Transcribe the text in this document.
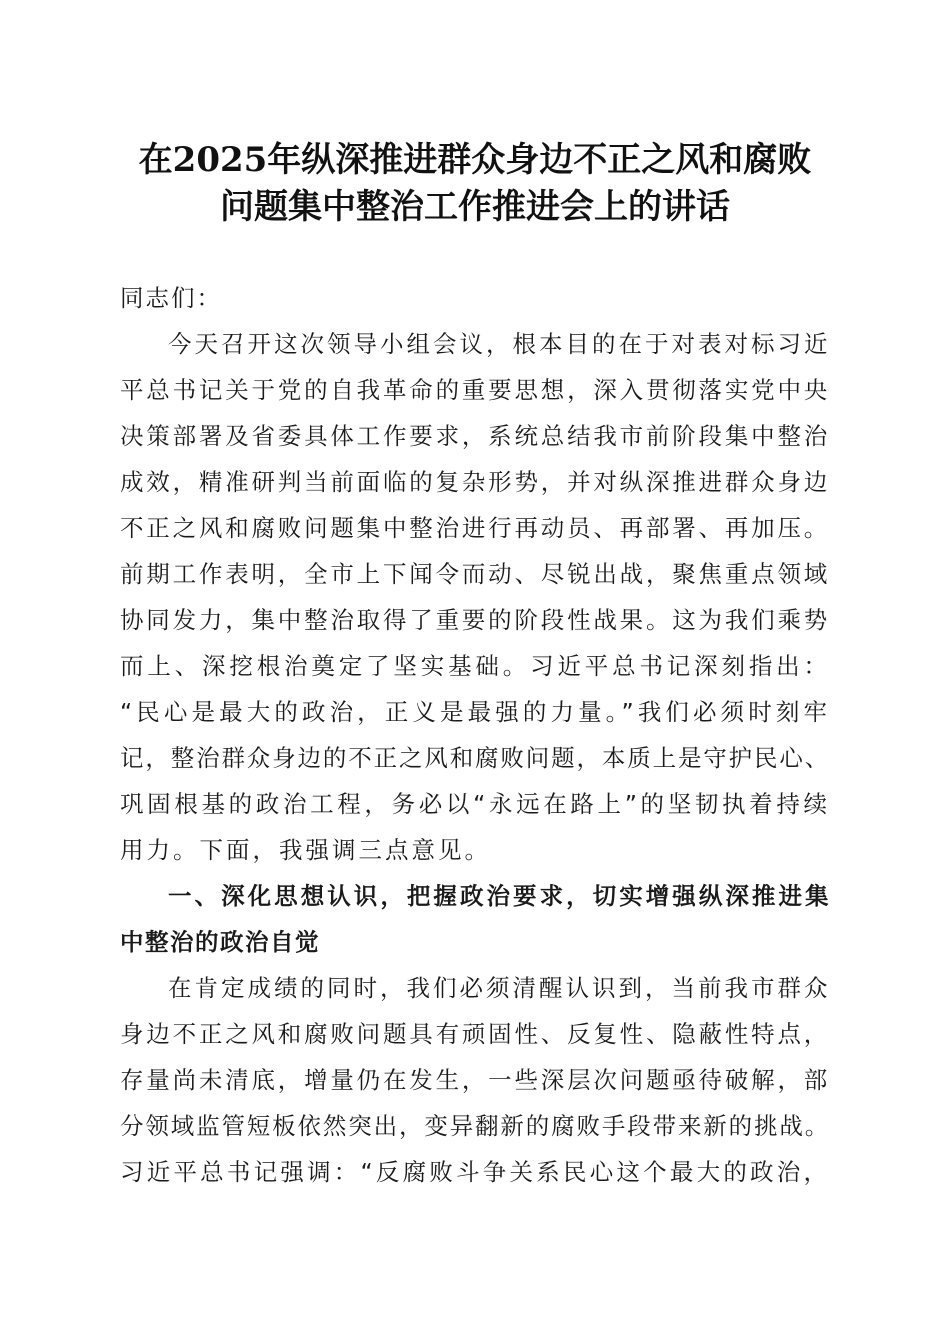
在2025年纵深推进群众身边不正之风和腐败
问题集中整治工作推进会上的讲话
同志们：
今天召开这次领导小组会议，根本目的在于对表对标习近
平总书记关于党的自我革命的重要思想，深入贯彻落实党中央
决策部署及省委具体工作要求，系统总结我市前阶段集中整治
成效，精准研判当前面临的复杂形势，并对纵深推进群众身边
不正之风和腐败问题集中整治进行再动员、再部署、再加压。
前期工作表明，全市上下闻令而动、尽锐出战，聚焦重点领域
协同发力，集中整治取得了重要的阶段性战果。这为我们乘势
而上、深挖根治奠定了坚实基础。习近平总书记深刻指出：
“民心是最大的政治，正义是最强的力量。”我们必须时刻牢
记，整治群众身边的不正之风和腐败问题，本质上是守护民心、
巩固根基的政治工程，务必以“永远在路上”的坚韧执着持续
用力。下面，我强调三点意见。
一、深化思想认识，把握政治要求，切实增强纵深推进集
中整治的政治自觉
在肯定成绩的同时，我们必须清醒认识到，当前我市群众
身边不正之风和腐败问题具有顽固性、反复性、隐蔽性特点，
存量尚未清底，增量仍在发生，一些深层次问题亟待破解，部
分领域监管短板依然突出，变异翻新的腐败手段带来新的挑战。
习近平总书记强调：“反腐败斗争关系民心这个最大的政治，
